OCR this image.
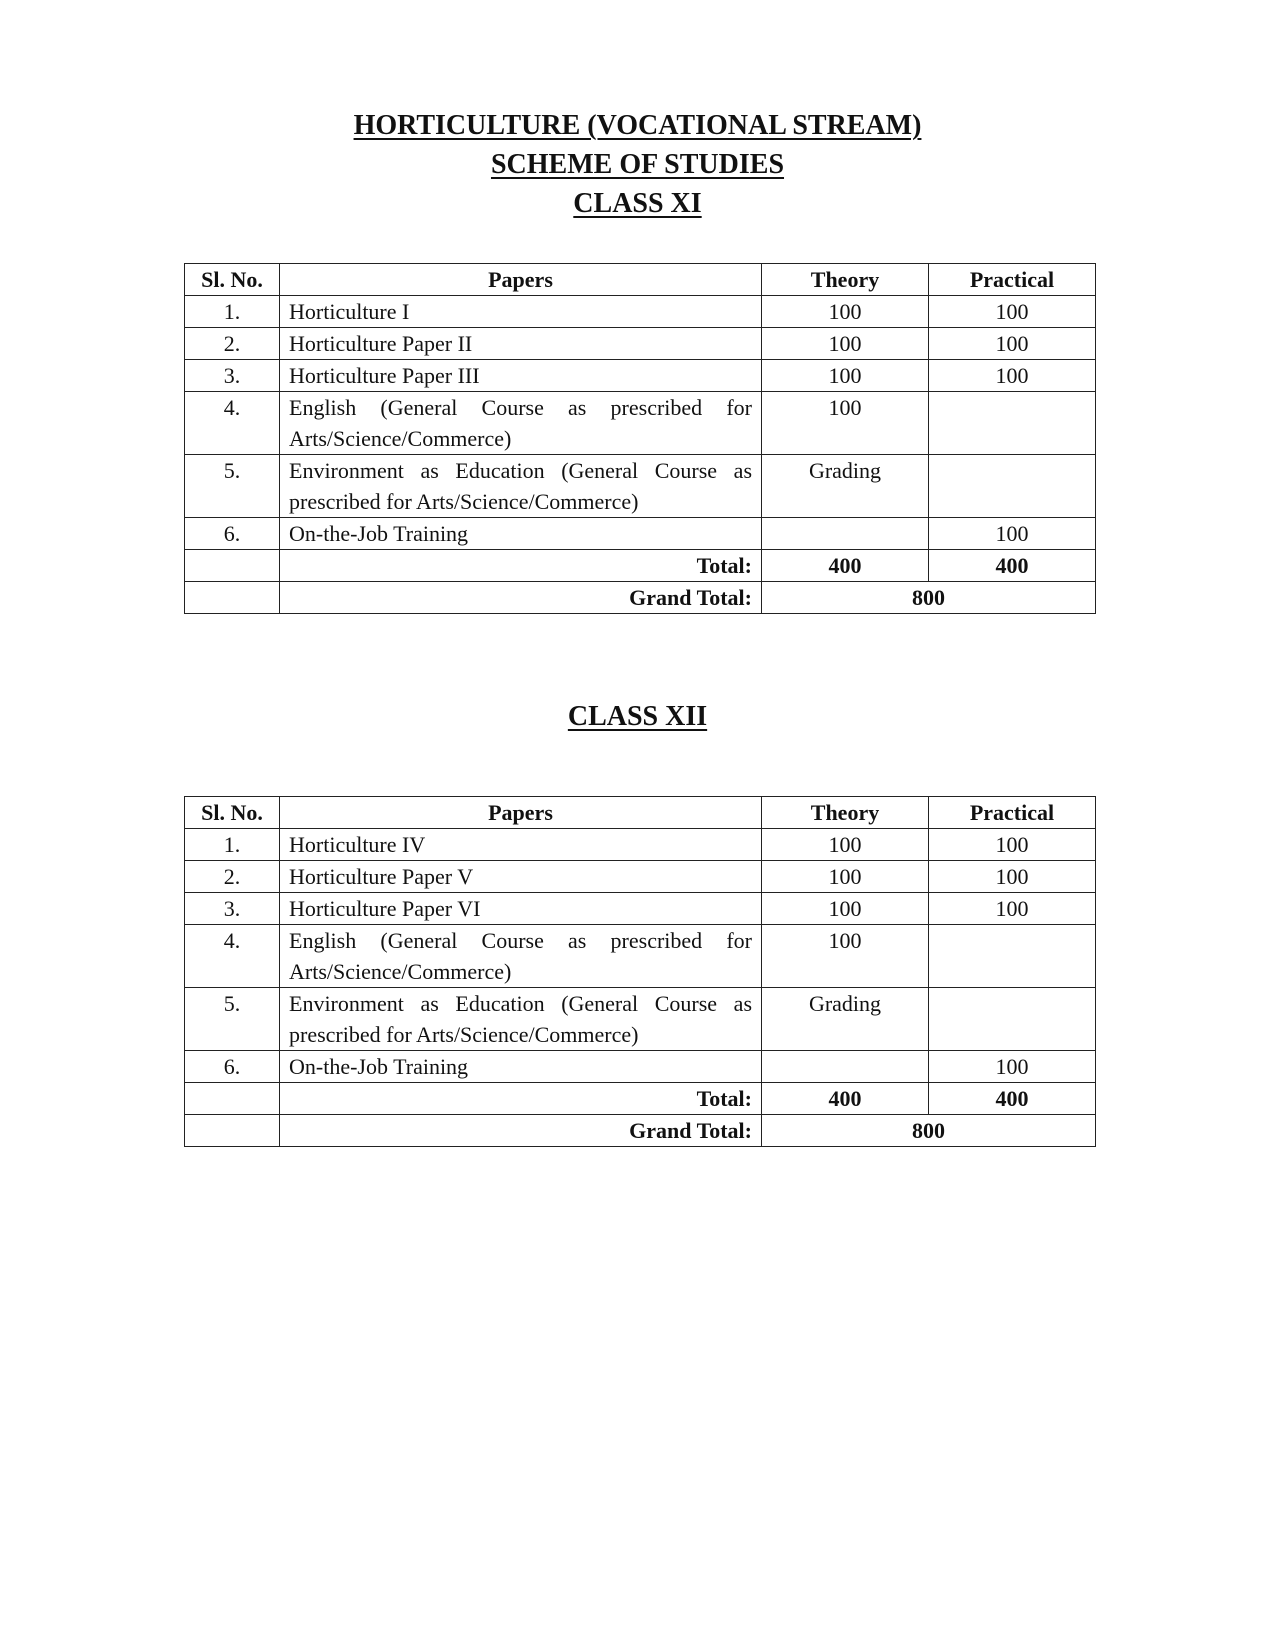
HORTICULTURE (VOCATIONAL STREAM)
SCHEME OF STUDIES
CLASS XI
Sl. No.	Papers	Theory	Practical
1.	Horticulture I	100	100
2.	Horticulture Paper II	100	100
3.	Horticulture Paper III	100	100
4.	English (General Course as prescribed for Arts/Science/Commerce)	100	
5.	Environment as Education (General Course as prescribed for Arts/Science/Commerce)	Grading	
6.	On-the-Job Training		100
	Total:	400	400
	Grand Total:	800	
CLASS XII
Sl. No.	Papers	Theory	Practical
1.	Horticulture IV	100	100
2.	Horticulture Paper V	100	100
3.	Horticulture Paper VI	100	100
4.	English (General Course as prescribed for Arts/Science/Commerce)	100	
5.	Environment as Education (General Course as prescribed for Arts/Science/Commerce)	Grading	
6.	On-the-Job Training		100
	Total:	400	400
	Grand Total:	800	
